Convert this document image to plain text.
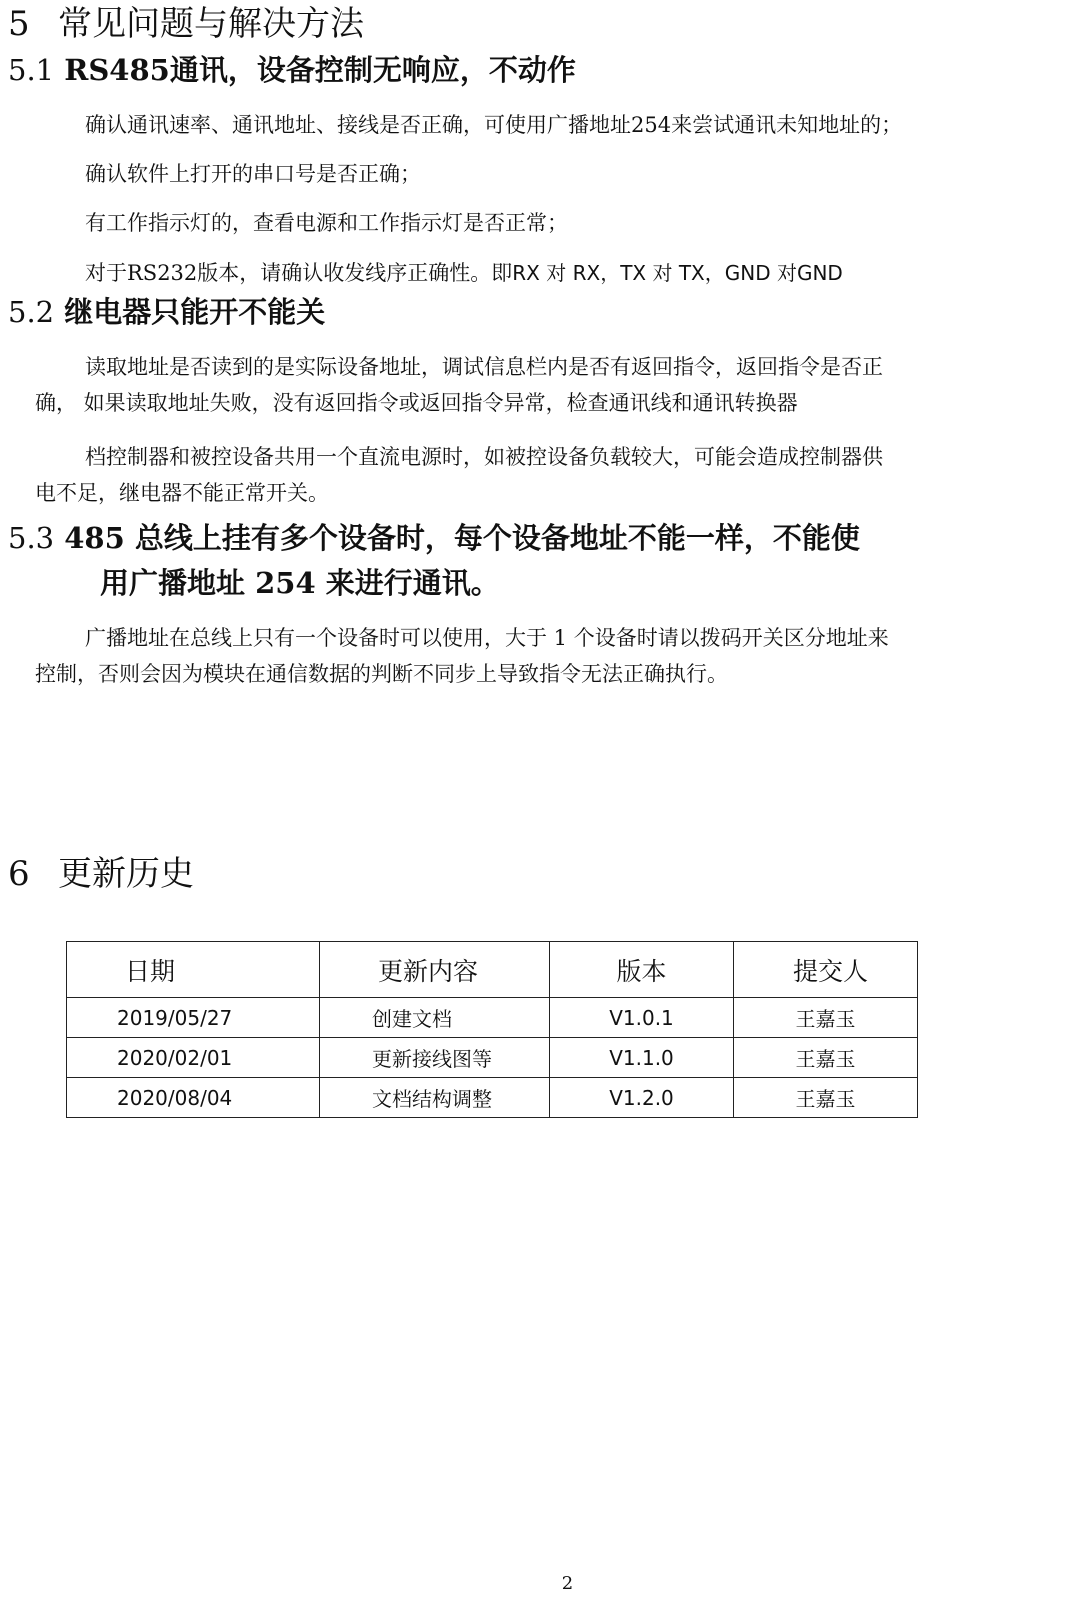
5 常见问题与解决方法
5.1 RS485通讯，设备控制无响应，不动作

确认通讯速率、通讯地址、接线是否正确，可使用广播地址254来尝试通讯未知地址的；

确认软件上打开的串口号是否正确；

有工作指示灯的，查看电源和工作指示灯是否正常；

对于RS232版本，请确认收发线序正确性。即RX 对 RX，TX 对 TX，GND 对GND

5.2 继电器只能开不能关

读取地址是否读到的是实际设备地址，调试信息栏内是否有返回指令，返回指令是否正

确， 如果读取地址失败，没有返回指令或返回指令异常，检查通讯线和通讯转换器

档控制器和被控设备共用一个直流电源时，如被控设备负载较大，可能会造成控制器供

电不足，继电器不能正常开关。

5.3 485 总线上挂有多个设备时，每个设备地址不能一样，不能使
用广播地址 254 来进行通讯。

广播地址在总线上只有一个设备时可以使用，大于 1 个设备时请以拨码开关区分地址来

控制，否则会因为模块在通信数据的判断不同步上导致指令无法正确执行。

6 更新历史
日期	更新内容	版本	提交人
2019/05/27	创建文档	V1.0.1	王嘉玉
2020/02/01	更新接线图等	V1.1.0	王嘉玉
2020/08/04	文档结构调整	V1.2.0	王嘉玉
2
